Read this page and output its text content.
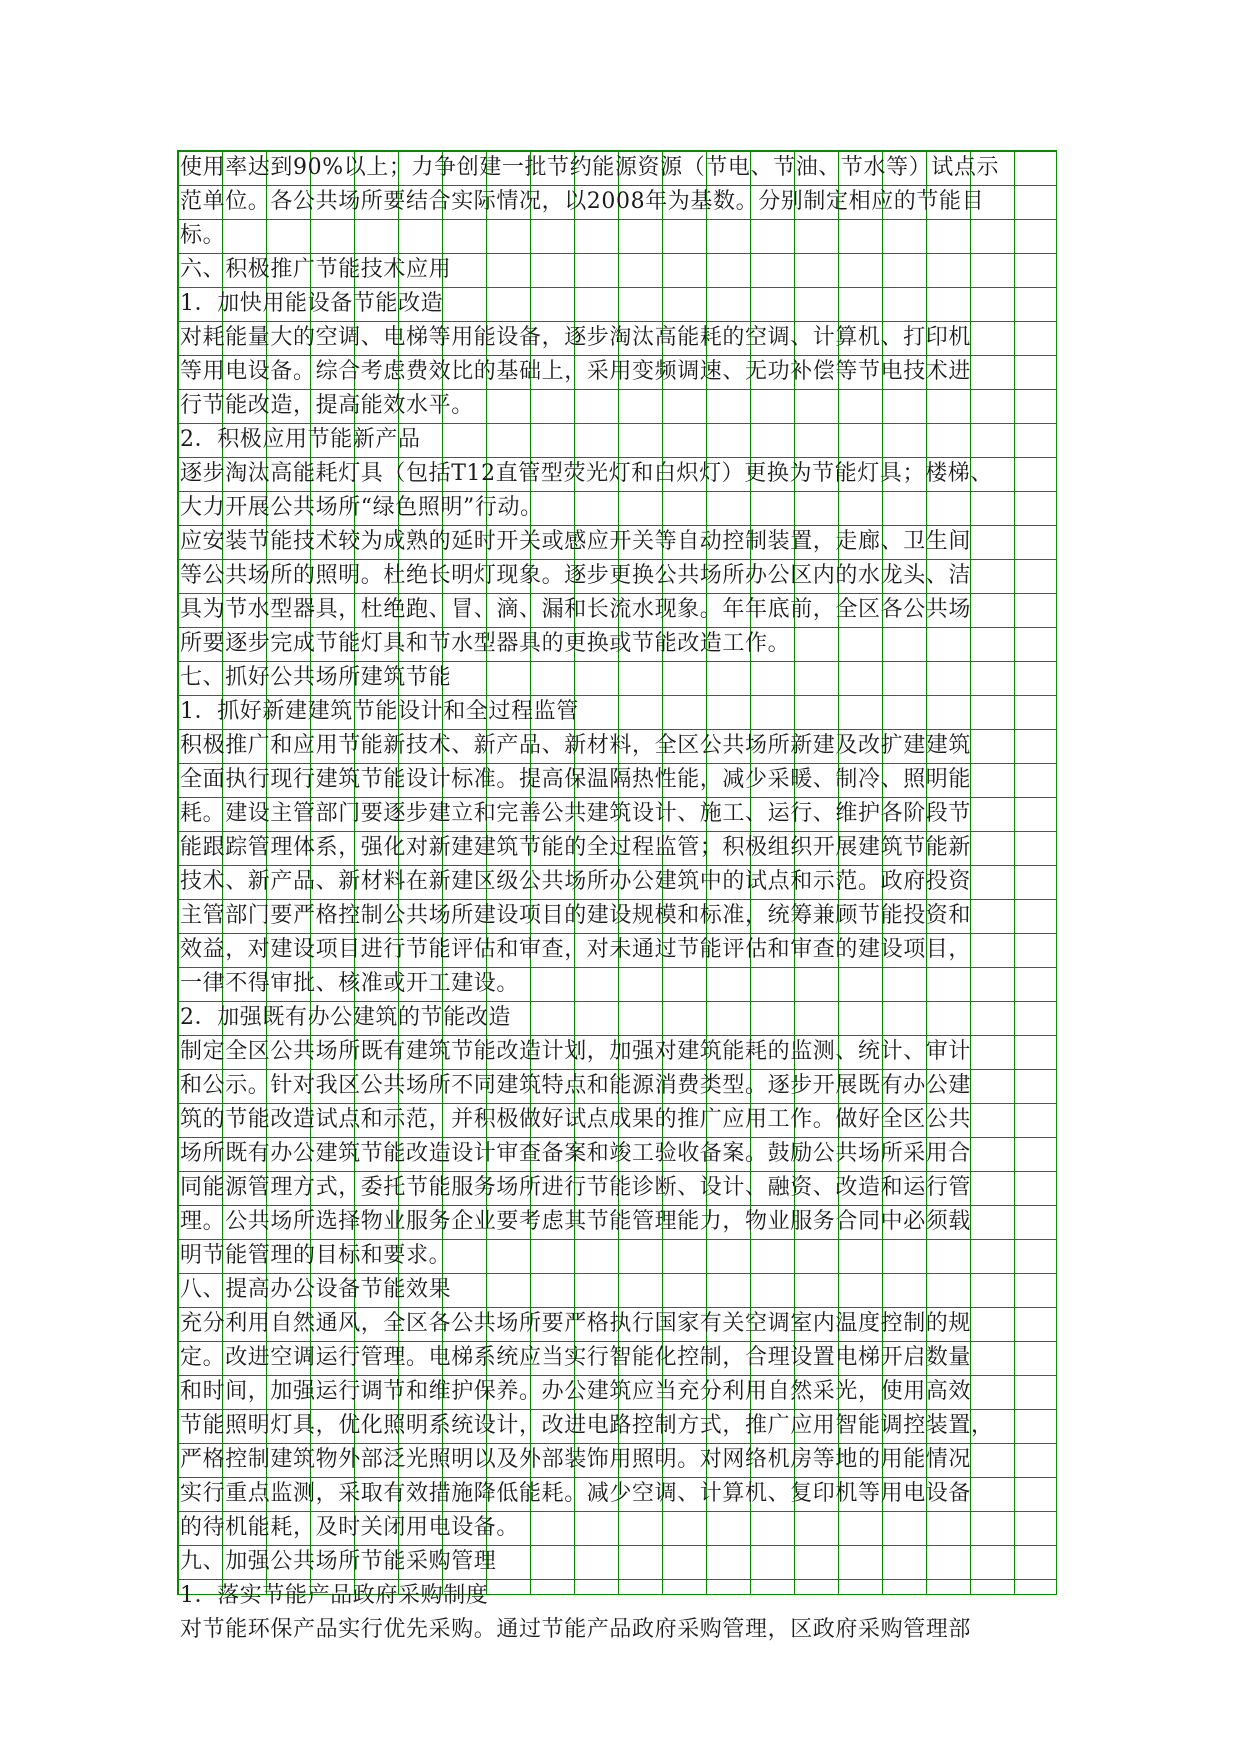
使用率达到90%以上；力争创建一批节约能源资源（节电、节油、节水等）试点示
范单位。各公共场所要结合实际情况，以2008年为基数。分别制定相应的节能目
标。
六、积极推广节能技术应用
1．加快用能设备节能改造
对耗能量大的空调、电梯等用能设备，逐步淘汰高能耗的空调、计算机、打印机
等用电设备。综合考虑费效比的基础上，采用变频调速、无功补偿等节电技术进
行节能改造，提高能效水平。
2．积极应用节能新产品
逐步淘汰高能耗灯具（包括T12直管型荧光灯和白炽灯）更换为节能灯具；楼梯、
大力开展公共场所“绿色照明”行动。
应安装节能技术较为成熟的延时开关或感应开关等自动控制装置，走廊、卫生间
等公共场所的照明。杜绝长明灯现象。逐步更换公共场所办公区内的水龙头、洁
具为节水型器具，杜绝跑、冒、滴、漏和长流水现象。年年底前，全区各公共场
所要逐步完成节能灯具和节水型器具的更换或节能改造工作。
七、抓好公共场所建筑节能
1．抓好新建建筑节能设计和全过程监管
积极推广和应用节能新技术、新产品、新材料，全区公共场所新建及改扩建建筑
全面执行现行建筑节能设计标准。提高保温隔热性能，减少采暖、制冷、照明能
耗。建设主管部门要逐步建立和完善公共建筑设计、施工、运行、维护各阶段节
能跟踪管理体系，强化对新建建筑节能的全过程监管；积极组织开展建筑节能新
技术、新产品、新材料在新建区级公共场所办公建筑中的试点和示范。政府投资
主管部门要严格控制公共场所建设项目的建设规模和标准，统筹兼顾节能投资和
效益，对建设项目进行节能评估和审查，对未通过节能评估和审查的建设项目，
一律不得审批、核准或开工建设。
2．加强既有办公建筑的节能改造
制定全区公共场所既有建筑节能改造计划，加强对建筑能耗的监测、统计、审计
和公示。针对我区公共场所不同建筑特点和能源消费类型。逐步开展既有办公建
筑的节能改造试点和示范，并积极做好试点成果的推广应用工作。做好全区公共
场所既有办公建筑节能改造设计审查备案和竣工验收备案。鼓励公共场所采用合
同能源管理方式，委托节能服务场所进行节能诊断、设计、融资、改造和运行管
理。公共场所选择物业服务企业要考虑其节能管理能力，物业服务合同中必须载
明节能管理的目标和要求。
八、提高办公设备节能效果
充分利用自然通风，全区各公共场所要严格执行国家有关空调室内温度控制的规
定。改进空调运行管理。电梯系统应当实行智能化控制，合理设置电梯开启数量
和时间，加强运行调节和维护保养。办公建筑应当充分利用自然采光，使用高效
节能照明灯具，优化照明系统设计，改进电路控制方式，推广应用智能调控装置，
严格控制建筑物外部泛光照明以及外部装饰用照明。对网络机房等地的用能情况
实行重点监测，采取有效措施降低能耗。减少空调、计算机、复印机等用电设备
的待机能耗，及时关闭用电设备。
九、加强公共场所节能采购管理
1．落实节能产品政府采购制度
对节能环保产品实行优先采购。通过节能产品政府采购管理，区政府采购管理部
